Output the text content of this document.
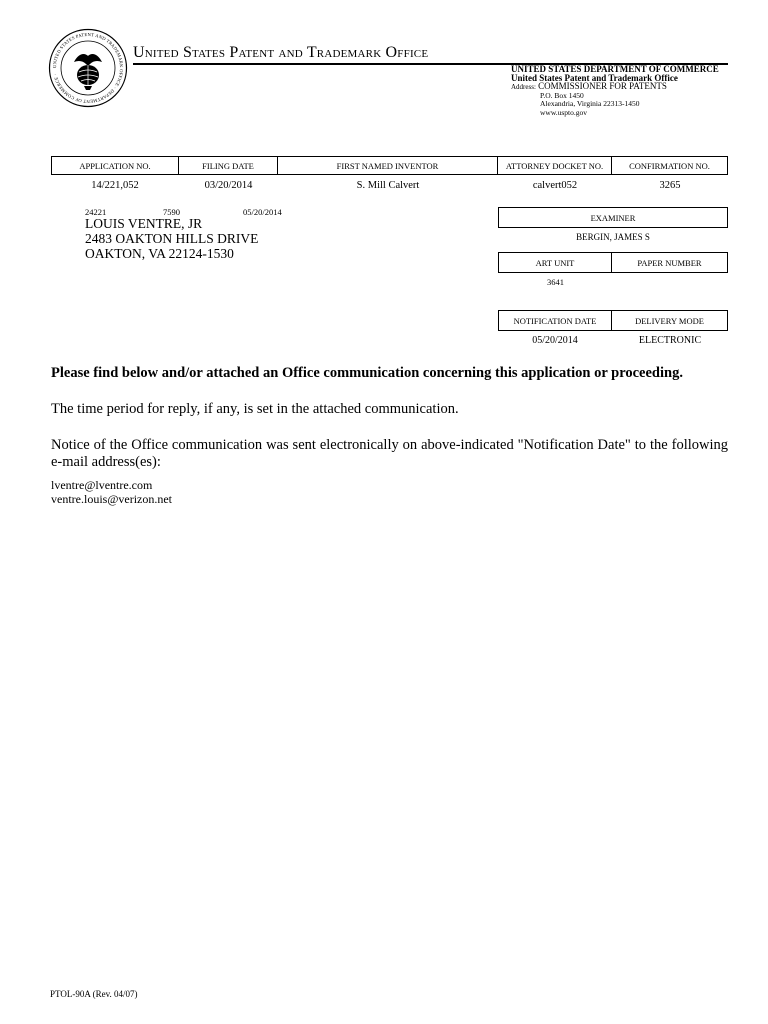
UNITED STATES PATENT AND TRADEMARK OFFICE · DEPARTMENT OF COMMERCE ·
United States Patent and Trademark Office
UNITED STATES DEPARTMENT OF COMMERCE
United States Patent and Trademark Office
Address: COMMISSIONER FOR PATENTS
P.O. Box 1450
Alexandria, Virginia 22313-1450
www.uspto.gov
APPLICATION NO.	FILING DATE	FIRST NAMED INVENTOR	ATTORNEY DOCKET NO.	CONFIRMATION NO.
14/221,052	03/20/2014	S. Mill Calvert	calvert052	3265
24221	7590	05/20/2014
LOUIS VENTRE, JR
2483 OAKTON HILLS DRIVE
OAKTON, VA 22124-1530
EXAMINER
BERGIN, JAMES S
ART UNIT	PAPER NUMBER
3641
NOTIFICATION DATE	DELIVERY MODE
05/20/2014	ELECTRONIC
Please find below and/or attached an Office communication concerning this application or proceeding.
The time period for reply, if any, is set in the attached communication.
Notice of the Office communication was sent electronically on above-indicated "Notification Date" to the following e-mail address(es):
lventre@lventre.com
ventre.louis@verizon.net
PTOL-90A (Rev. 04/07)
